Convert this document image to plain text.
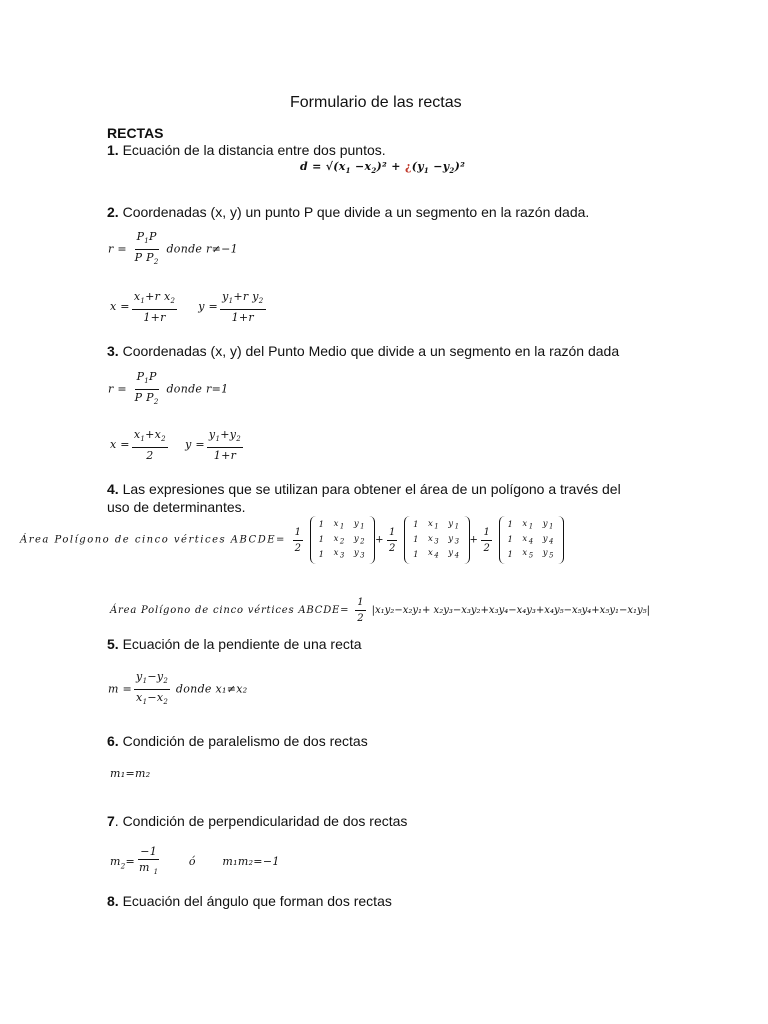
Formulario de las rectas
RECTAS
1. Ecuación de la distancia entre dos puntos.
$d = √(x_1 -x_2)^2$ + ¿$(y_1 -y_2)^2$
2. Coordenadas (x, y) un punto P que divide a un segmento en la razón dada.
$r = \frac{P_1P}{P P_2}$ donde r≠−1
$x = \frac{x_1+r x_2}{1+r}$ $y = \frac{y_1+r y_2}{1+r}$
3. Coordenadas (x, y) del Punto Medio que divide a un segmento en la razón dada
$r = \frac{P_1P}{P P_2}$ donde r=1
$x = \frac{x_1+x_2}{2}$ $y = \frac{y_1+y_2}{1+r}$
4. Las expresiones que se utilizan para obtener el área de un polígono a través del
uso de determinantes.
Área Polígono de cinco vértices ABCDE= $\frac{1}{2}$

1	$x_1$	$y_1$
1	$x_2$	$y_2$
1	$x_3$	$y_3$
+ $\frac{1}{2}$

1	$x_1$	$y_1$
1	$x_3$	$y_3$
1	$x_4$	$y_4$
+ $\frac{1}{2}$

1	$x_1$	$y_1$
1	$x_4$	$y_4$
1	$x_5$	$y_5$
Área Polígono de cinco vértices ABCDE= $\frac{1}{2} |x_1y_2-x_2y_1+ x_2y_3-x_3y_2+x_3y_4-x_4y_3+x_4y_5-x_5y_4+x_5y_1-x_1y_5|$
5. Ecuación de la pendiente de una recta
$m = \frac{y_1-y_2}{x_1-x_2}$ donde x₁≠x₂
6. Condición de paralelismo de dos rectas
m₁=m₂
7. Condición de perpendicularidad de dos rectas
$m_2= \frac{-1}{m _1}$	ó m₁m₂=−1
8. Ecuación del ángulo que forman dos rectas
